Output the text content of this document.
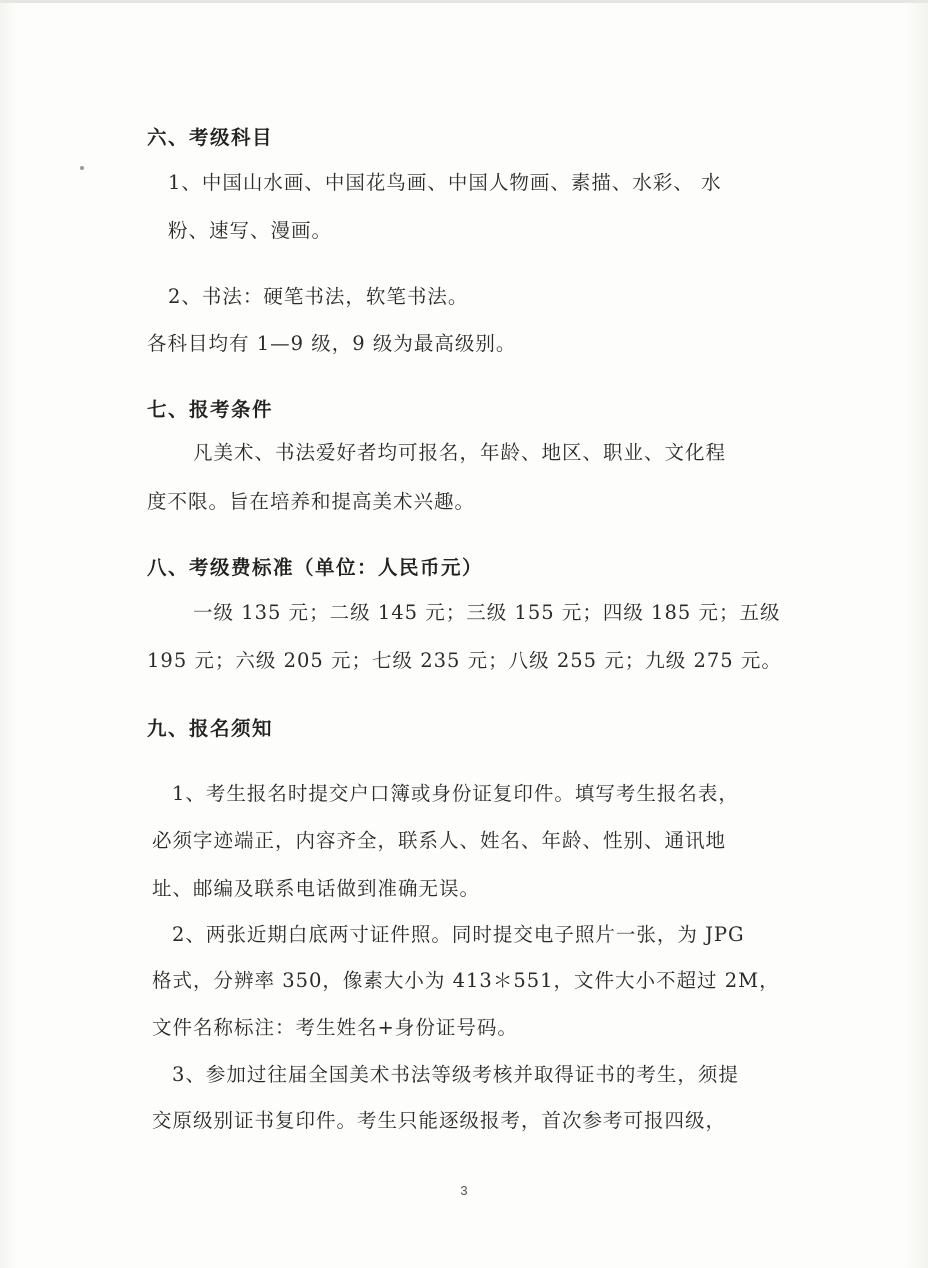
六、考级科目
1、中国山水画、中国花鸟画、中国人物画、素描、水彩、 水
粉、速写、漫画。
2、书法：硬笔书法，软笔书法。
各科目均有 1—9 级，9 级为最高级别。
七、报考条件
凡美术、书法爱好者均可报名，年龄、地区、职业、文化程
度不限。旨在培养和提高美术兴趣。
八、考级费标准（单位：人民币元）
一级 135 元；二级 145 元；三级 155 元；四级 185 元；五级
195 元；六级 205 元；七级 235 元；八级 255 元；九级 275 元。
九、报名须知
1、考生报名时提交户口簿或身份证复印件。填写考生报名表，
必须字迹端正，内容齐全，联系人、姓名、年龄、性别、通讯地
址、邮编及联系电话做到准确无误。
2、两张近期白底两寸证件照。同时提交电子照片一张，为 JPG
格式，分辨率 350，像素大小为 413＊551，文件大小不超过 2M，
文件名称标注：考生姓名+身份证号码。
3、参加过往届全国美术书法等级考核并取得证书的考生，须提
交原级别证书复印件。考生只能逐级报考，首次参考可报四级，
3
